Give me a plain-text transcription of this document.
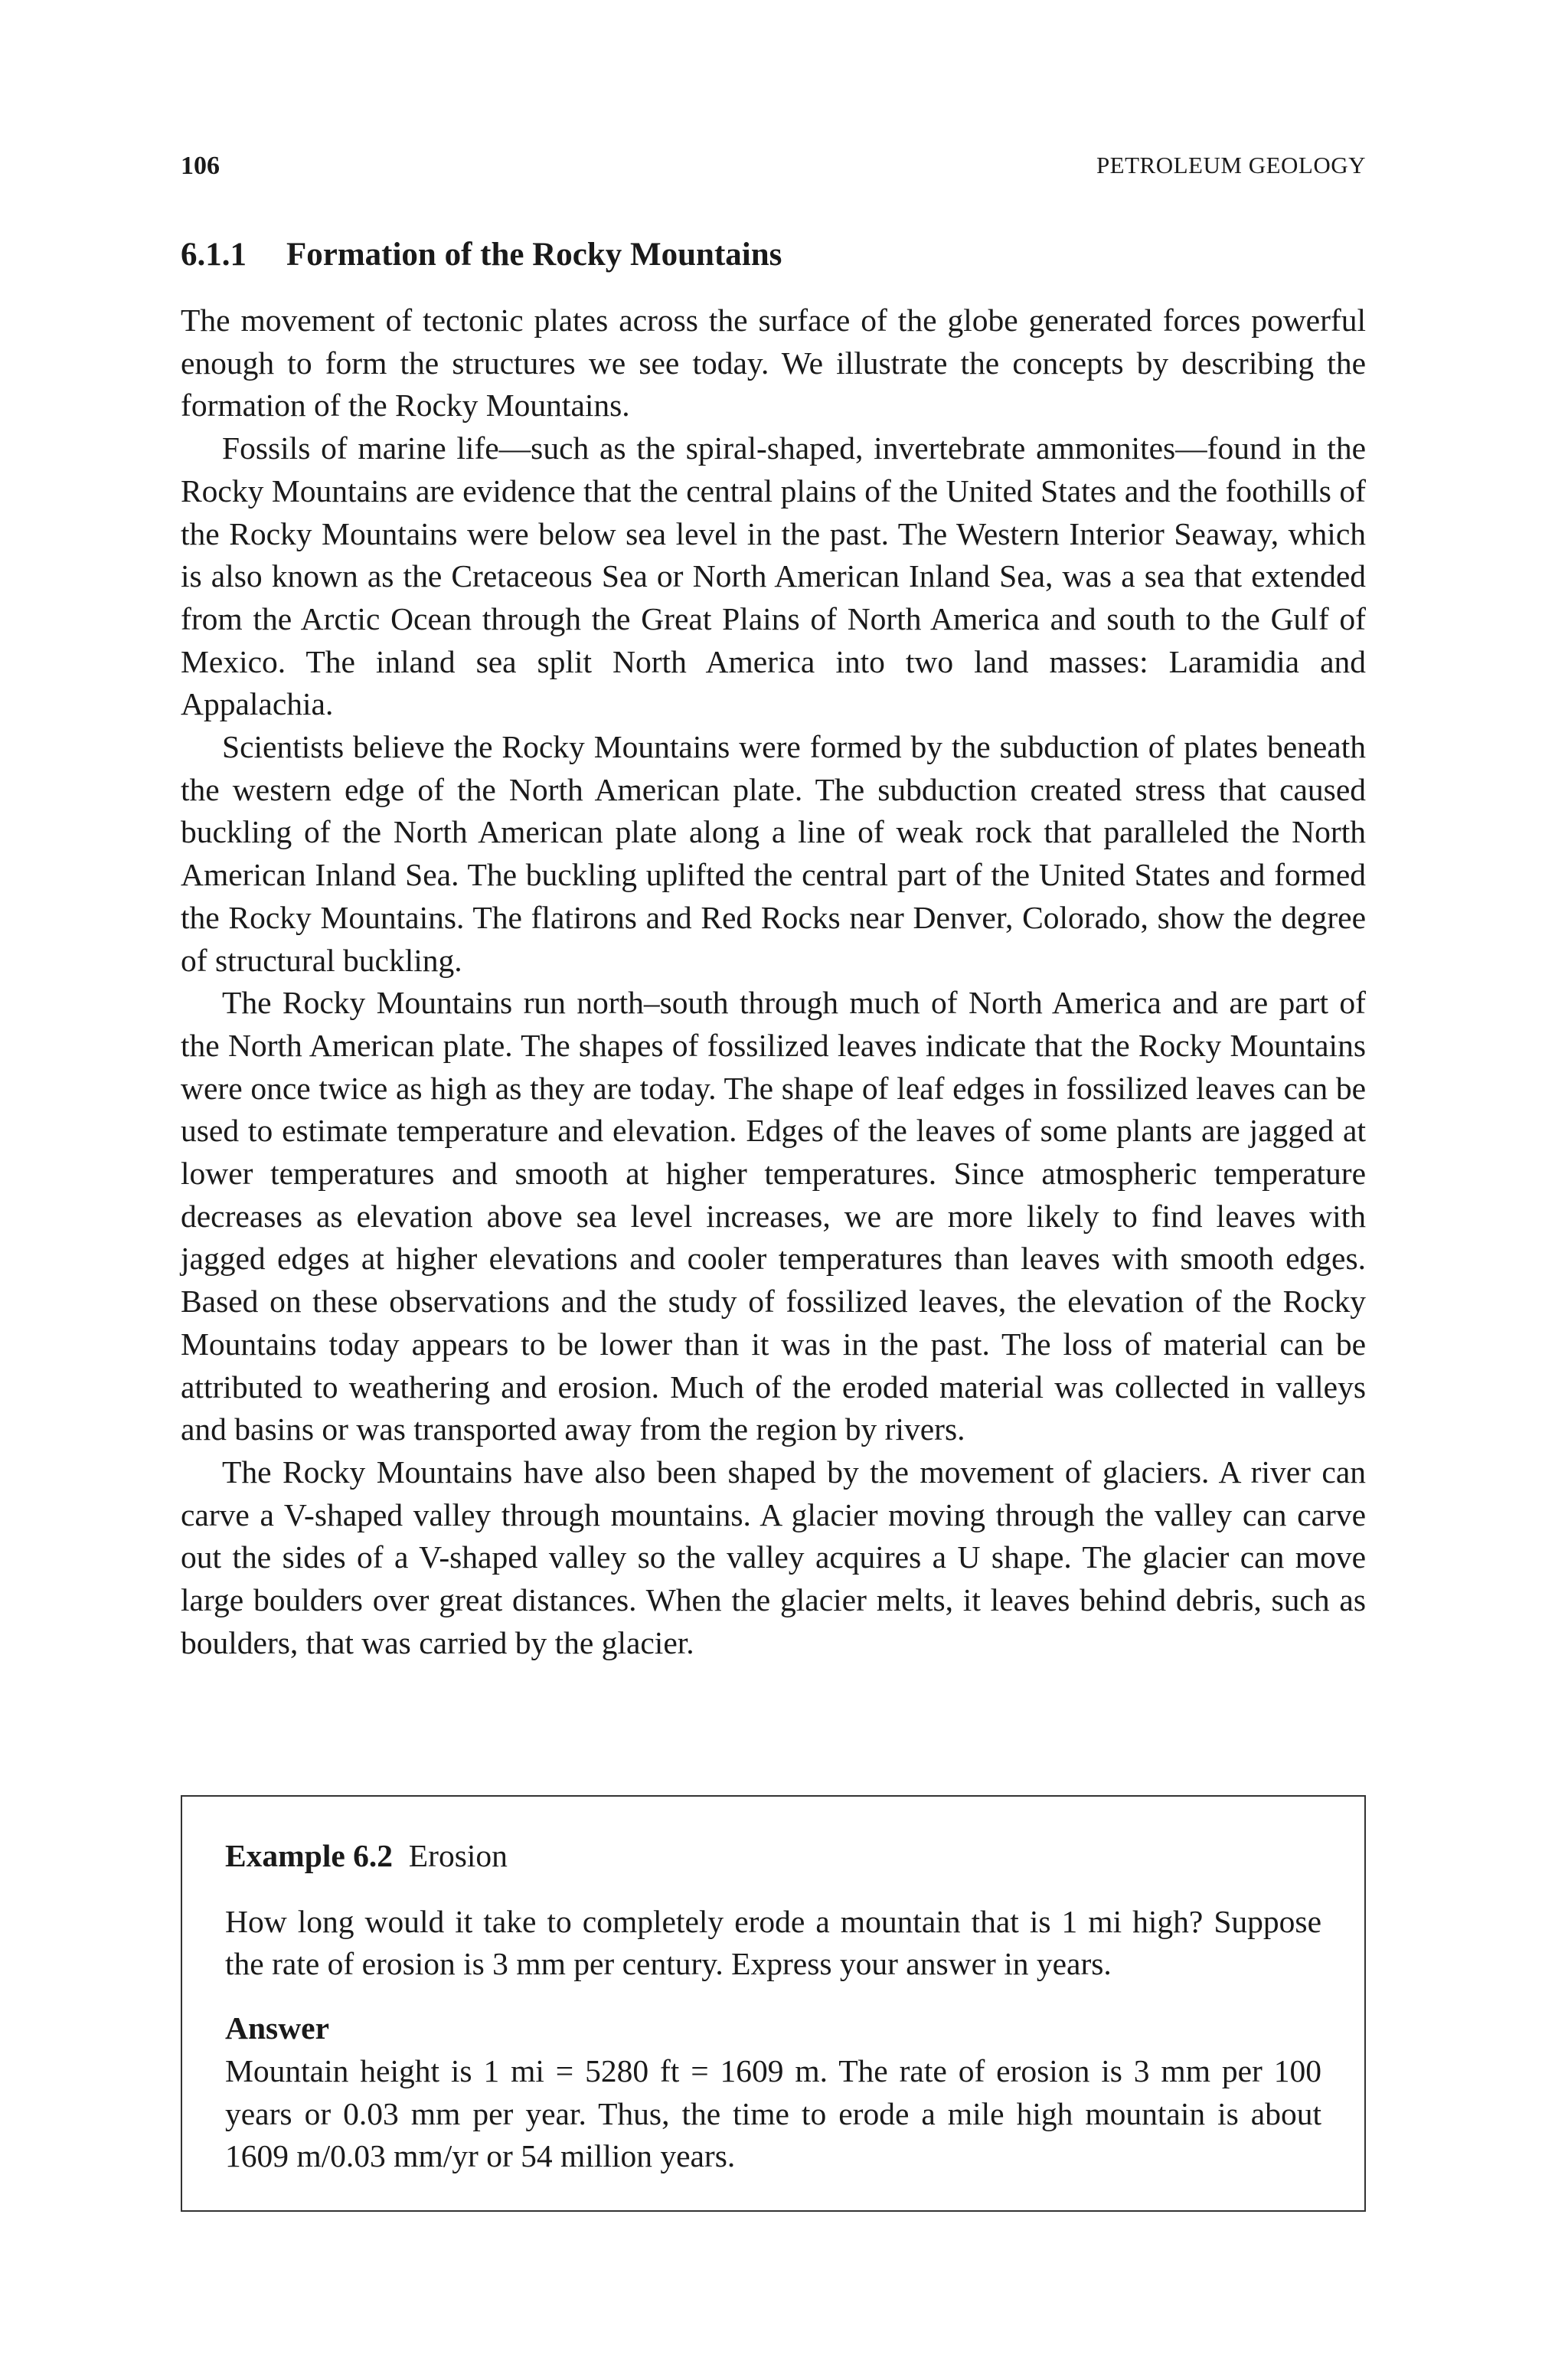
106	PETROLEUM GEOLOGY
6.1.1 Formation of the Rocky Mountains

The movement of tectonic plates across the surface of the globe generated forces powerful enough to form the structures we see today. We illustrate the concepts by describing the formation of the Rocky Mountains.

Fossils of marine life—such as the spiral-shaped, invertebrate ammonites—found in the Rocky Mountains are evidence that the central plains of the United States and the foothills of the Rocky Mountains were below sea level in the past. The Western Interior Seaway, which is also known as the Cretaceous Sea or North American Inland Sea, was a sea that extended from the Arctic Ocean through the Great Plains of North America and south to the Gulf of Mexico. The inland sea split North America into two land masses: Laramidia and Appalachia.

Scientists believe the Rocky Mountains were formed by the subduction of plates beneath the western edge of the North American plate. The subduction created stress that caused buckling of the North American plate along a line of weak rock that paralleled the North American Inland Sea. The buckling uplifted the central part of the United States and formed the Rocky Mountains. The flatirons and Red Rocks near Denver, Colorado, show the degree of structural buckling.

The Rocky Mountains run north–south through much of North America and are part of the North American plate. The shapes of fossilized leaves indicate that the Rocky Mountains were once twice as high as they are today. The shape of leaf edges in fossilized leaves can be used to estimate temperature and elevation. Edges of the leaves of some plants are jagged at lower temperatures and smooth at higher temperatures. Since atmospheric temperature decreases as elevation above sea level increases, we are more likely to find leaves with jagged edges at higher elevations and cooler temperatures than leaves with smooth edges. Based on these observations and the study of fossilized leaves, the elevation of the Rocky Mountains today appears to be lower than it was in the past. The loss of material can be attributed to weathering and erosion. Much of the eroded material was collected in valleys and basins or was transported away from the region by rivers.

The Rocky Mountains have also been shaped by the movement of glaciers. A river can carve a V-shaped valley through mountains. A glacier moving through the valley can carve out the sides of a V-shaped valley so the valley acquires a U shape. The glacier can move large boulders over great distances. When the glacier melts, it leaves behind debris, such as boulders, that was carried by the glacier.

Example 6.2 Erosion

How long would it take to completely erode a mountain that is 1 mi high? Suppose the rate of erosion is 3 mm per century. Express your answer in years.

Answer

Mountain height is 1 mi = 5280 ft = 1609 m. The rate of erosion is 3 mm per 100 years or 0.03 mm per year. Thus, the time to erode a mile high mountain is about 1609 m/0.03 mm/yr or 54 million years.
